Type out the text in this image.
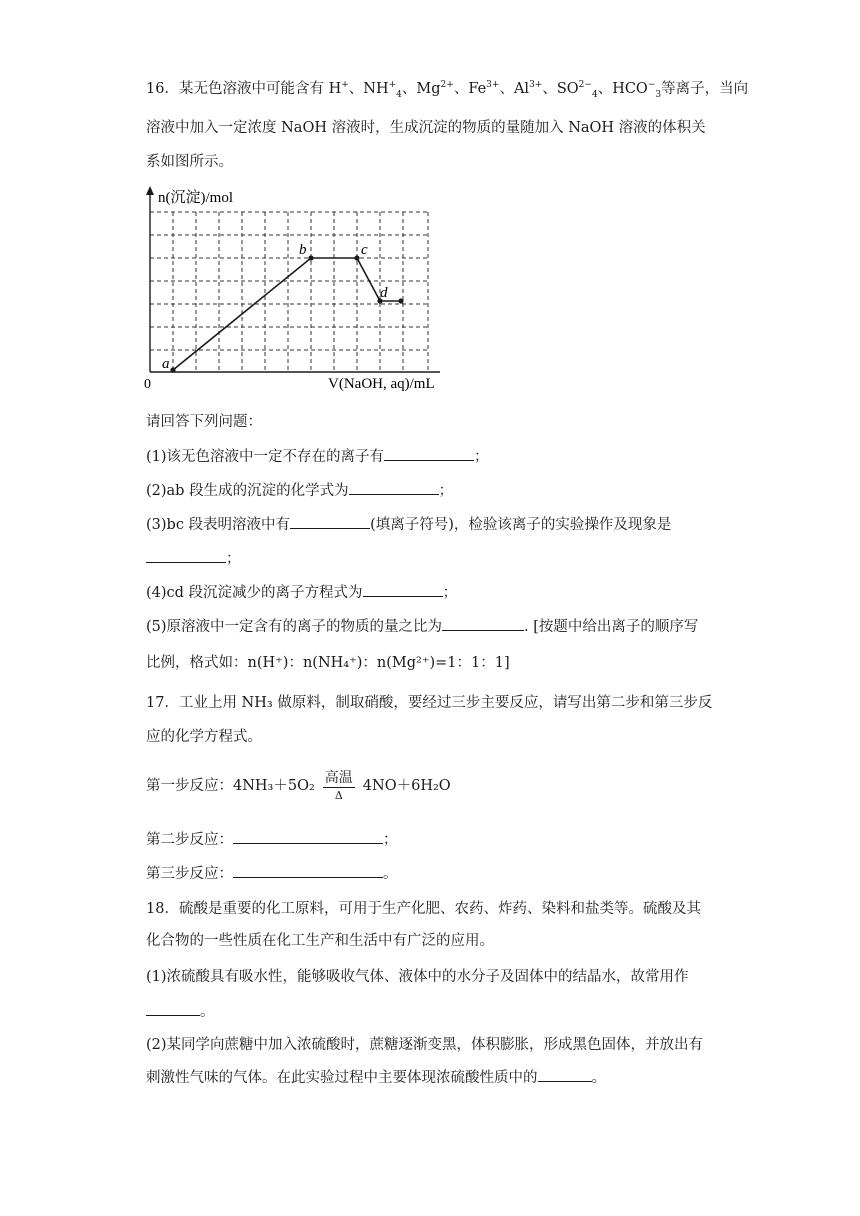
16．某无色溶液中可能含有 H+、$NH^+_4$、$Mg^{2+}$、$Fe^{3+}$、$Al^{3+}$、$SO^{2-}_4$、$HCO^-_3$等离子，当向
溶液中加入一定浓度 NaOH 溶液时，生成沉淀的物质的量随加入 NaOH 溶液的体积关
系如图所示。
n(沉淀)/mol
V(NaOH, aq)/mL
0
a
b	c
d
请回答下列问题：
(1)该无色溶液中一定不存在的离子有	；
(2)ab 段生成的沉淀的化学式为	；
(3)bc 段表明溶液中有	(填离子符号)，检验该离子的实验操作及现象是
；
(4)cd 段沉淀减少的离子方程式为	；
(5)原溶液中一定含有的离子的物质的量之比为	. [按题中给出离子的顺序写
比例，格式如：n(H⁺)：n(NH₄⁺)：n(Mg²⁺)=1：1：1]
17．工业上用 NH₃ 做原料，制取硝酸，要经过三步主要反应，请写出第二步和第三步反
应的化学方程式。
第一步反应：$4NH_3+5O_2 \frac{\text{高温}}{\Delta} 4NO+6H_2O$
第二步反应：	；
第三步反应：	。
18．硫酸是重要的化工原料，可用于生产化肥、农药、炸药、染料和盐类等。硫酸及其
化合物的一些性质在化工生产和生活中有广泛的应用。
(1)浓硫酸具有吸水性，能够吸收气体、液体中的水分子及固体中的结晶水，故常用作
。
(2)某同学向蔗糖中加入浓硫酸时，蔗糖逐渐变黑，体积膨胀，形成黑色固体，并放出有
刺激性气味的气体。在此实验过程中主要体现浓硫酸性质中的	。
